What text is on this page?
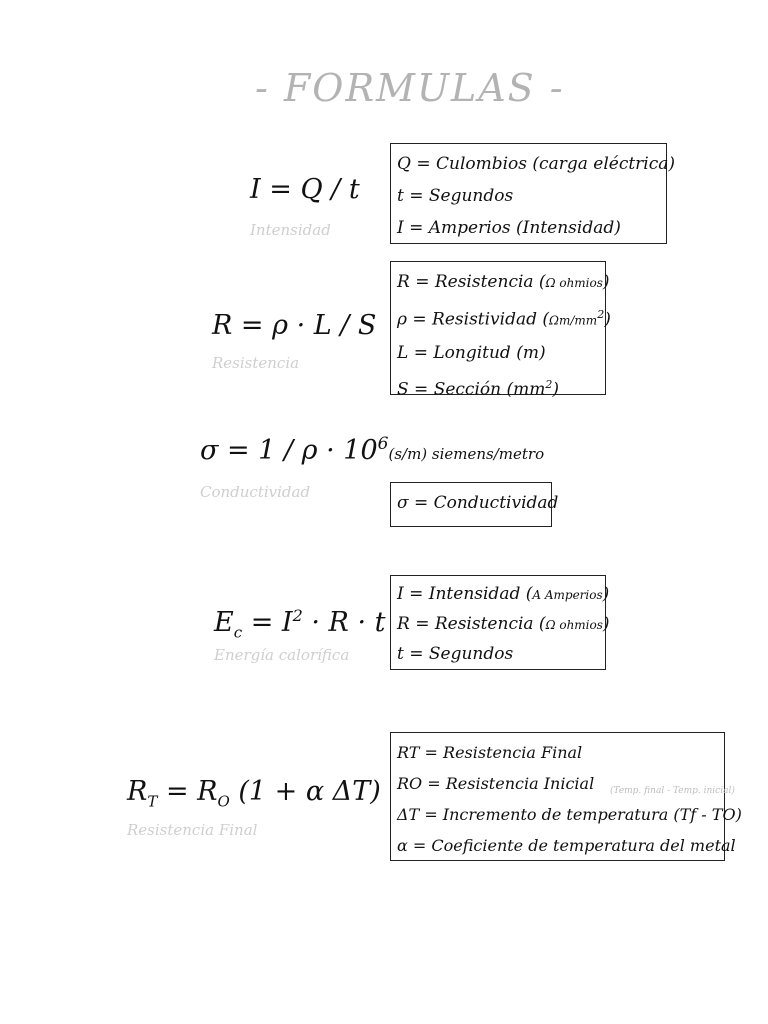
- FORMULAS -
I = Q / t
Intensidad
Q = Culombios (carga eléctrica)
t = Segundos
I = Amperios (Intensidad)
R = ρ · L / S
Resistencia
R = Resistencia (Ω ohmios)
ρ = Resistividad $(\Omega m/mm^2)$
L = Longitud (m)
S = Sección $(mm^2)$
$\sigma = 1 / \rho \cdot 10^6(s/m)$ siemens/metro
Conductividad
σ = Conductividad
$E_c = I^2 \cdot R \cdot t$
Energía calorífica
I = Intensidad (A Amperios)
R = Resistencia (Ω ohmios)
t = Segundos
$R_T = R_O$ (1 + α ΔT)
Resistencia Final
RT = Resistencia Final
RO = Resistencia Inicial
ΔT = Incremento de temperatura (Tf - TO)
α = Coeficiente de temperatura del metal
(Temp. final - Temp. inicial)
